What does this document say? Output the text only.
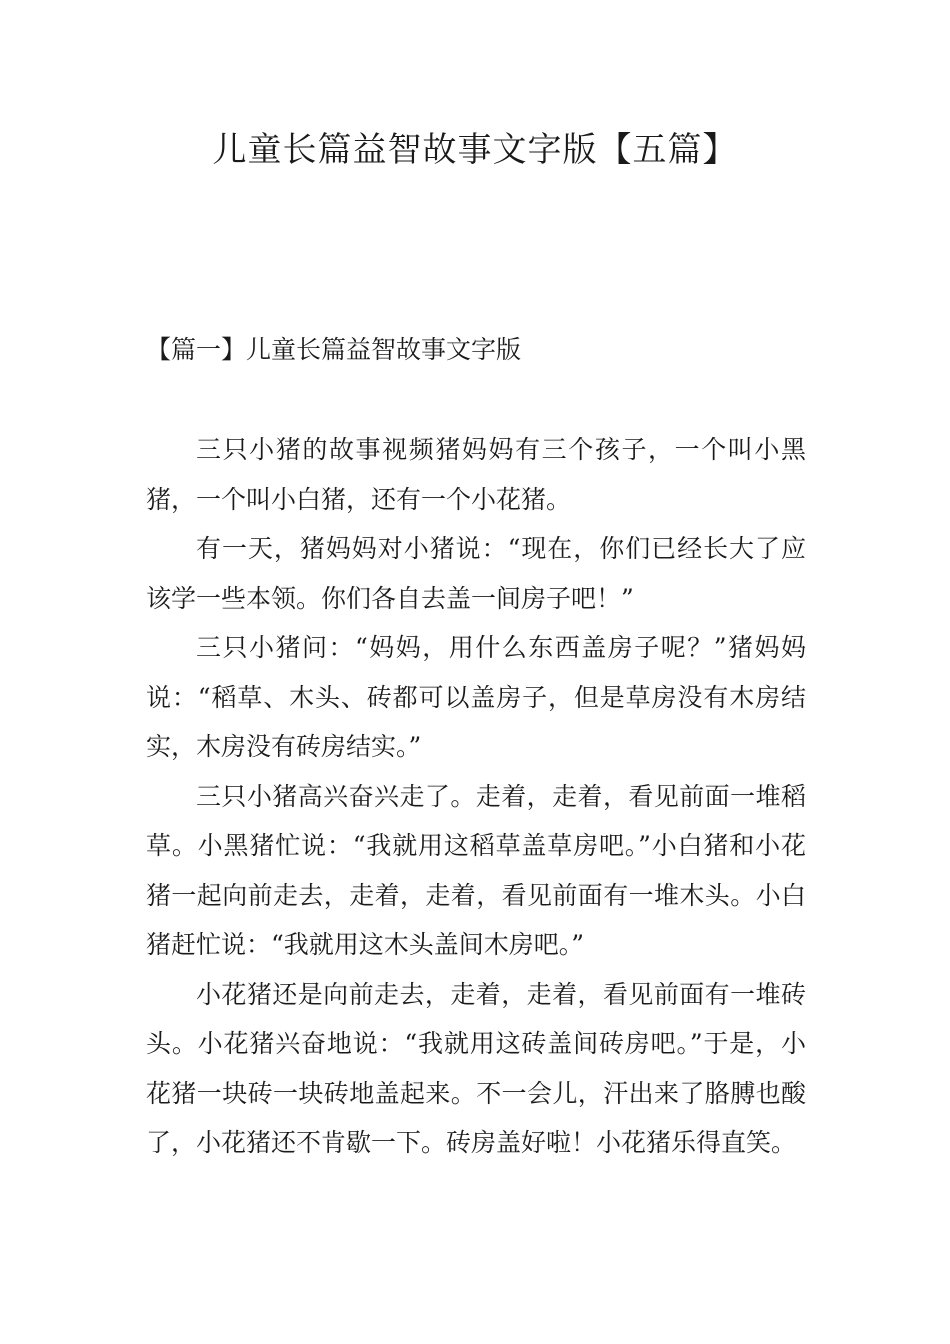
儿童长篇益智故事文字版【五篇】
【篇一】儿童长篇益智故事文字版

三只小猪的故事视频猪妈妈有三个孩子，一个叫小黑猪，一个叫小白猪，还有一个小花猪。

有一天，猪妈妈对小猪说：“现在，你们已经长大了应该学一些本领。你们各自去盖一间房子吧！”

三只小猪问：“妈妈，用什么东西盖房子呢？”猪妈妈说：“稻草、木头、砖都可以盖房子，但是草房没有木房结实，木房没有砖房结实。”

三只小猪高兴奋兴走了。走着，走着，看见前面一堆稻草。小黑猪忙说：“我就用这稻草盖草房吧。”小白猪和小花猪一起向前走去，走着，走着，看见前面有一堆木头。小白猪赶忙说：“我就用这木头盖间木房吧。”

小花猪还是向前走去，走着，走着，看见前面有一堆砖头。小花猪兴奋地说：“我就用这砖盖间砖房吧。”于是，小花猪一块砖一块砖地盖起来。不一会儿，汗出来了胳膊也酸了，小花猪还不肯歇一下。砖房盖好啦！小花猪乐得直笑。
